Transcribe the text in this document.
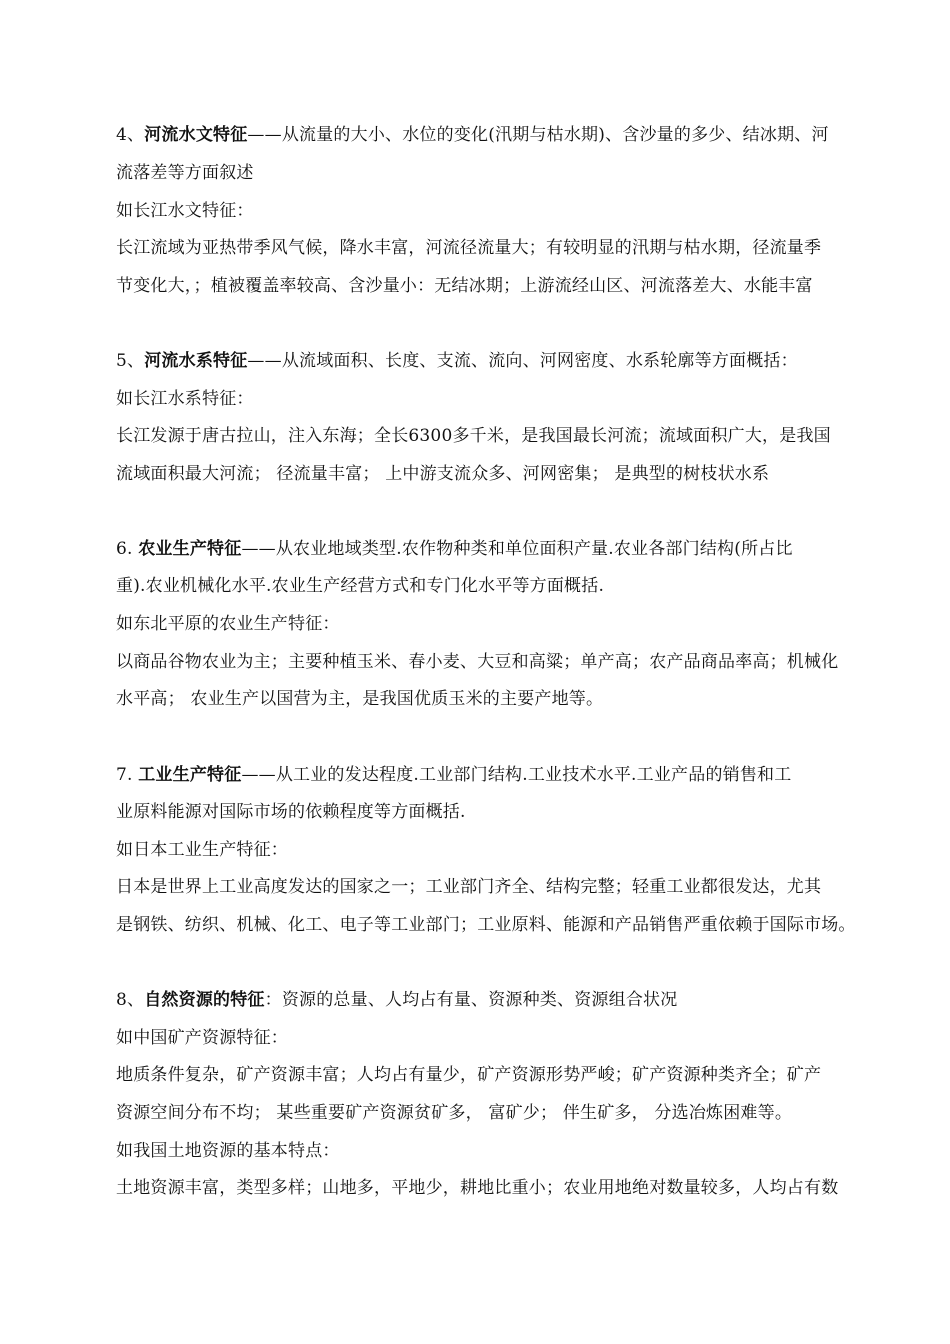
4、河流水文特征——从流量的大小、水位的变化(汛期与枯水期)、含沙量的多少、结冰期、河
流落差等方面叙述
如长江水文特征：
长江流域为亚热带季风气候，降水丰富，河流径流量大；有较明显的汛期与枯水期，径流量季
节变化大，；植被覆盖率较高、含沙量小：无结冰期；上游流经山区、河流落差大、水能丰富
5、河流水系特征——从流域面积、长度、支流、流向、河网密度、水系轮廓等方面概括：
如长江水系特征：
长江发源于唐古拉山，注入东海；全长6300多千米，是我国最长河流；流域面积广大，是我国
流域面积最大河流； 径流量丰富； 上中游支流众多、河网密集； 是典型的树枝状水系
6. 农业生产特征——从农业地域类型.农作物种类和单位面积产量.农业各部门结构(所占比
重).农业机械化水平.农业生产经营方式和专门化水平等方面概括.
如东北平原的农业生产特征：
以商品谷物农业为主；主要种植玉米、春小麦、大豆和高粱；单产高；农产品商品率高；机械化
水平高； 农业生产以国营为主，是我国优质玉米的主要产地等。
7. 工业生产特征——从工业的发达程度.工业部门结构.工业技术水平.工业产品的销售和工
业原料能源对国际市场的依赖程度等方面概括.
如日本工业生产特征：
日本是世界上工业高度发达的国家之一；工业部门齐全、结构完整；轻重工业都很发达，尤其
是钢铁、纺织、机械、化工、电子等工业部门；工业原料、能源和产品销售严重依赖于国际市场。
8、自然资源的特征：资源的总量、人均占有量、资源种类、资源组合状况
如中国矿产资源特征：
地质条件复杂，矿产资源丰富；人均占有量少，矿产资源形势严峻；矿产资源种类齐全；矿产
资源空间分布不均； 某些重要矿产资源贫矿多， 富矿少； 伴生矿多， 分选冶炼困难等。
如我国土地资源的基本特点：
土地资源丰富，类型多样；山地多，平地少，耕地比重小；农业用地绝对数量较多，人均占有数
